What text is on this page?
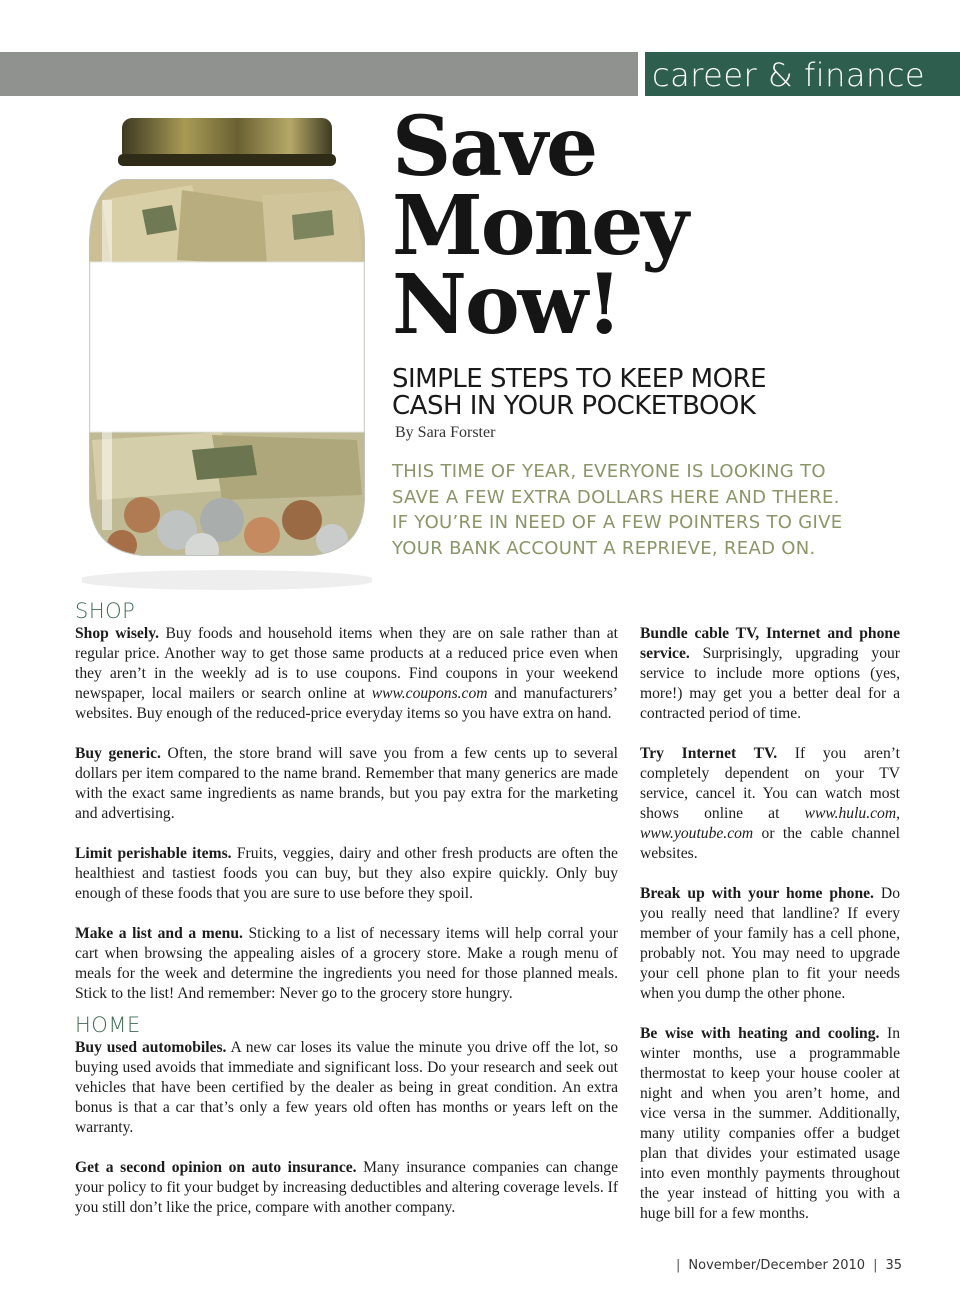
career & finance
Save
Money
Now!
SIMPLE STEPS TO KEEP MORE
CASH IN YOUR POCKETBOOK
By Sara Forster
THIS TIME OF YEAR, EVERYONE IS LOOKING TO
SAVE A FEW EXTRA DOLLARS HERE AND THERE.
IF YOU’RE IN NEED OF A FEW POINTERS TO GIVE
YOUR BANK ACCOUNT A REPRIEVE, READ ON.
SHOP

Shop wisely. Buy foods and household items when they are on sale rather than at regular price. Another way to get those same products at a reduced price even when they aren’t in the weekly ad is to use coupons. Find coupons in your weekend newspaper, local mailers or search online at www.coupons.com and manufacturers’ websites. Buy enough of the reduced-price everyday items so you have extra on hand.

Buy generic. Often, the store brand will save you from a few cents up to several dollars per item compared to the name brand. Remember that many generics are made with the exact same ingredients as name brands, but you pay extra for the marketing and advertising.

Limit perishable items. Fruits, veggies, dairy and other fresh products are often the healthiest and tastiest foods you can buy, but they also expire quickly. Only buy enough of these foods that you are sure to use before they spoil.

Make a list and a menu. Sticking to a list of necessary items will help corral your cart when browsing the appealing aisles of a grocery store. Make a rough menu of meals for the week and determine the ingredients you need for those planned meals. Stick to the list! And remember: Never go to the grocery store hungry.

HOME

Buy used automobiles. A new car loses its value the minute you drive off the lot, so buying used avoids that immediate and significant loss. Do your research and seek out vehicles that have been certified by the dealer as being in great condition. An extra bonus is that a car that’s only a few years old often has months or years left on the warranty.

Get a second opinion on auto insurance. Many insurance companies can change your policy to fit your budget by increasing deductibles and altering coverage levels. If you still don’t like the price, compare with another company.

Bundle cable TV, Internet and phone service. Surprisingly, upgrading your service to include more options (yes, more!) may get you a better deal for a contracted period of time.

Try Internet TV. If you aren’t completely dependent on your TV service, cancel it. You can watch most shows online at www.hulu.com, www.youtube.com or the cable channel websites.

Break up with your home phone. Do you really need that landline? If every member of your family has a cell phone, probably not. You may need to upgrade your cell phone plan to fit your needs when you dump the other phone.

Be wise with heating and cooling. In winter months, use a programmable thermostat to keep your house cooler at night and when you aren’t home, and vice versa in the summer. Additionally, many utility companies offer a budget plan that divides your estimated usage into even monthly payments throughout the year instead of hitting you with a huge bill for a few months.

| November/December 2010 | 35
